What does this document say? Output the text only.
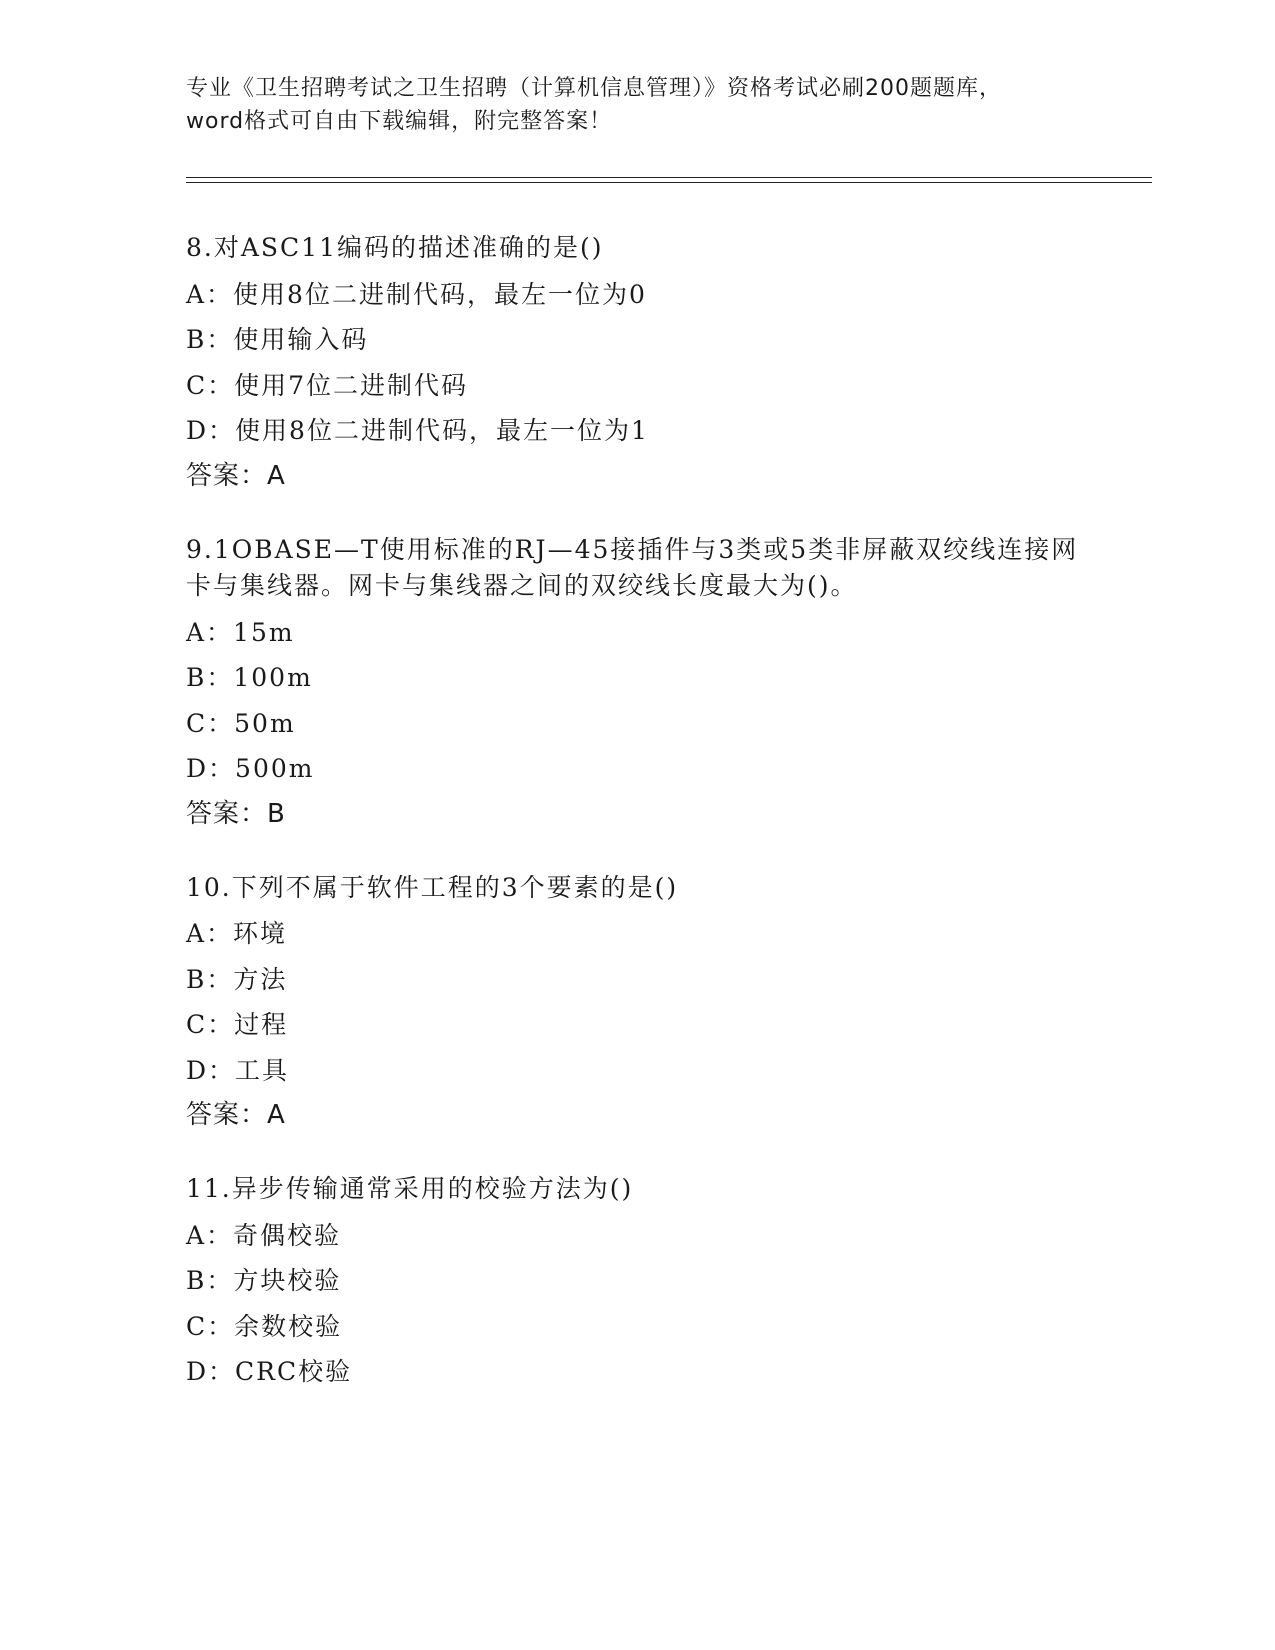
专业《卫生招聘考试之卫生招聘（计算机信息管理）》资格考试必刷200题题库，
word格式可自由下载编辑，附完整答案！
8.对ASC11编码的描述准确的是()
A：使用8位二进制代码，最左一位为0
B：使用输入码
C：使用7位二进制代码
D：使用8位二进制代码，最左一位为1
答案：A
9.1OBASE—T使用标准的RJ—45接插件与3类或5类非屏蔽双绞线连接网卡与集线器。网卡与集线器之间的双绞线长度最大为()。
A：15m
B：100m
C：50m
D：500m
答案：B
10.下列不属于软件工程的3个要素的是()
A：环境
B：方法
C：过程
D：工具
答案：A
11.异步传输通常采用的校验方法为()
A：奇偶校验
B：方块校验
C：余数校验
D：CRC校验
